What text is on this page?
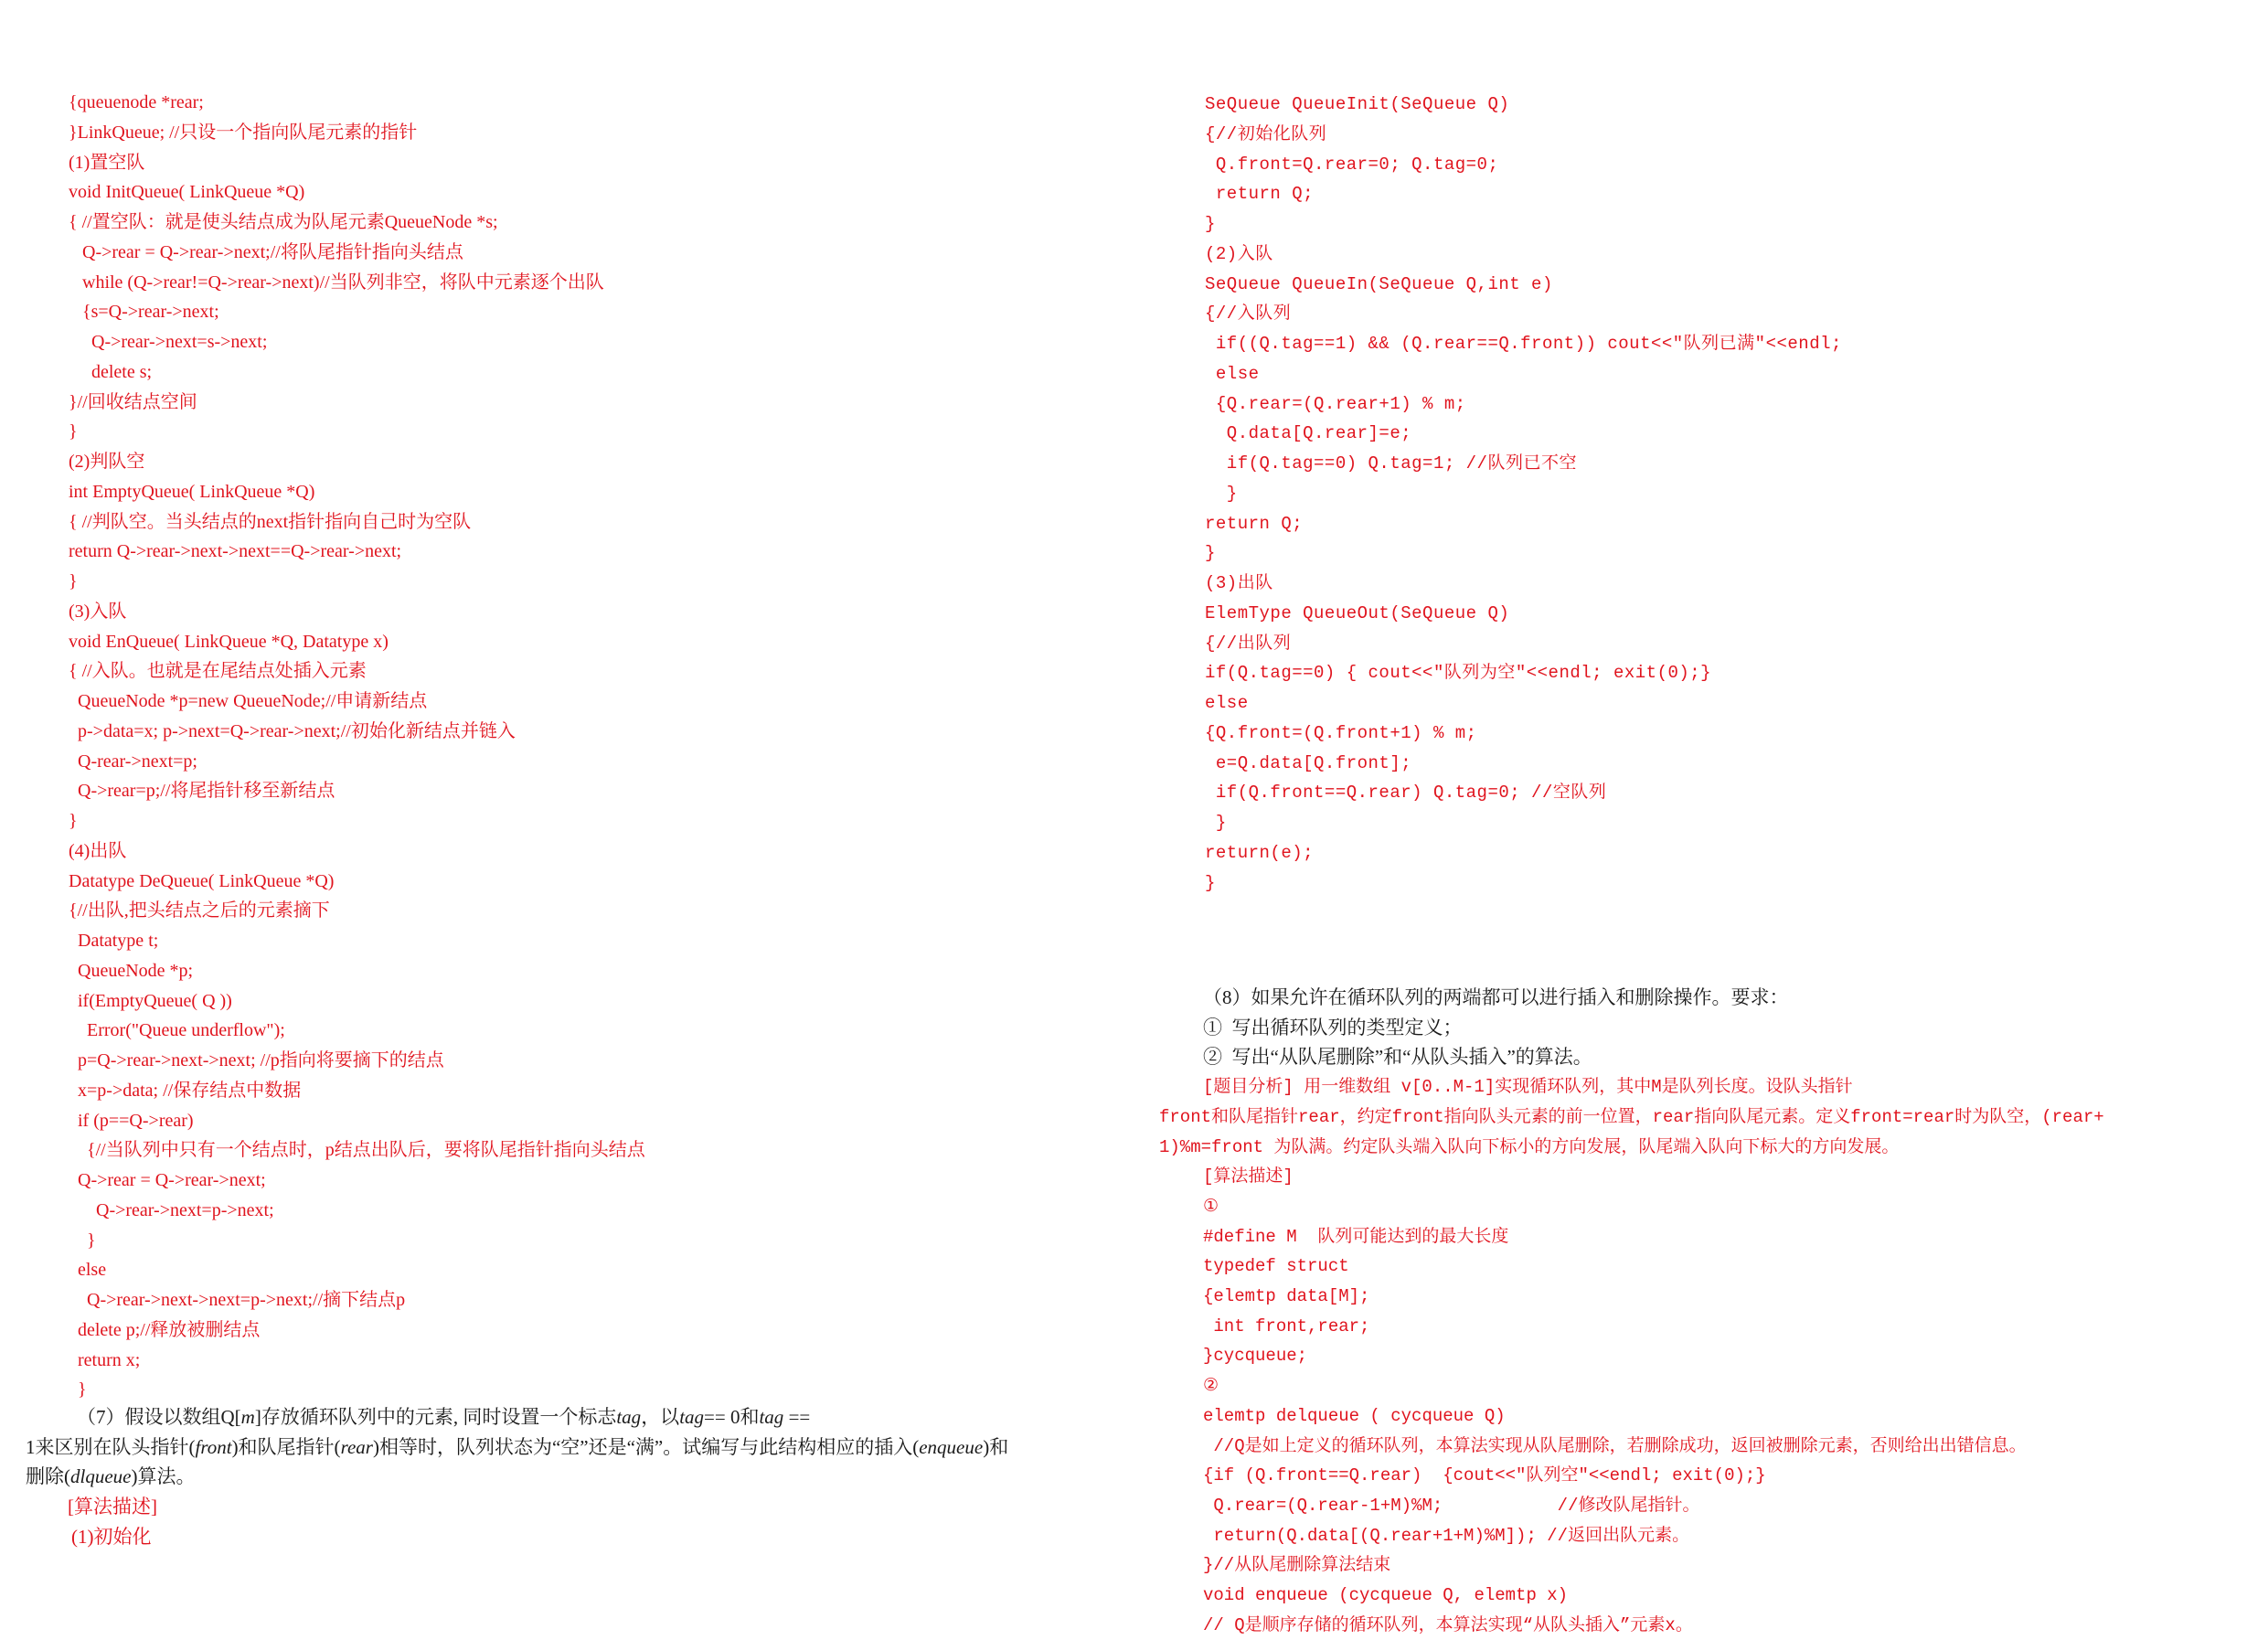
{queuenode *rear;
}LinkQueue; //只设一个指向队尾元素的指针
(1)置空队
void InitQueue( LinkQueue *Q)
{ //置空队：就是使头结点成为队尾元素QueueNode *s;
Q->rear = Q->rear->next;//将队尾指针指向头结点
while (Q->rear!=Q->rear->next)//当队列非空，将队中元素逐个出队
{s=Q->rear->next;
Q->rear->next=s->next;
delete s;
}//回收结点空间
}
(2)判队空
int EmptyQueue( LinkQueue *Q)
{ //判队空。当头结点的next指针指向自己时为空队
return Q->rear->next->next==Q->rear->next;
}
(3)入队
void EnQueue( LinkQueue *Q, Datatype x)
{ //入队。也就是在尾结点处插入元素
QueueNode *p=new QueueNode;//申请新结点
p->data=x; p->next=Q->rear->next;//初始化新结点并链入
Q-rear->next=p;
Q->rear=p;//将尾指针移至新结点
}
(4)出队
Datatype DeQueue( LinkQueue *Q)
{//出队,把头结点之后的元素摘下
Datatype t;
QueueNode *p;
if(EmptyQueue( Q ))
Error("Queue underflow");
p=Q->rear->next->next; //p指向将要摘下的结点
x=p->data; //保存结点中数据
if (p==Q->rear)
{//当队列中只有一个结点时，p结点出队后，要将队尾指针指向头结点
Q->rear = Q->rear->next;
Q->rear->next=p->next;
}
else
Q->rear->next->next=p->next;//摘下结点p
delete p;//释放被删结点
return x;
}
（7）假设以数组Q[m]存放循环队列中的元素, 同时设置一个标志tag，以tag== 0和tag ==
1来区别在队头指针(front)和队尾指针(rear)相等时，队列状态为“空”还是“满”。试编写与此结构相应的插入(enqueue)和
删除(dlqueue)算法。
[算法描述]
(1)初始化
SeQueue QueueInit(SeQueue Q)
{//初始化队列
Q.front=Q.rear=0; Q.tag=0;
return Q;
}
(2)入队
SeQueue QueueIn(SeQueue Q,int e)
{//入队列
if((Q.tag==1) && (Q.rear==Q.front)) cout<<"队列已满"<<endl;
else
{Q.rear=(Q.rear+1) % m;
Q.data[Q.rear]=e;
if(Q.tag==0) Q.tag=1; //队列已不空
}
return Q;
}
(3)出队
ElemType QueueOut(SeQueue Q)
{//出队列
if(Q.tag==0) { cout<<"队列为空"<<endl; exit(0);}
else
{Q.front=(Q.front+1) % m;
e=Q.data[Q.front];
if(Q.front==Q.rear) Q.tag=0; //空队列
}
return(e);
}
（8）如果允许在循环队列的两端都可以进行插入和删除操作。要求：
①  写出循环队列的类型定义；
②  写出“从队尾删除”和“从队头插入”的算法。
[题目分析] 用一维数组 v[0..M-1]实现循环队列，其中M是队列长度。设队头指针
front和队尾指针rear，约定front指向队头元素的前一位置，rear指向队尾元素。定义front=rear时为队空，(rear+
1)%m=front 为队满。约定队头端入队向下标小的方向发展，队尾端入队向下标大的方向发展。
[算法描述]
①
#define M  队列可能达到的最大长度
typedef struct
{elemtp data[M];
int front,rear;
}cycqueue;
②
elemtp delqueue ( cycqueue Q)
//Q是如上定义的循环队列，本算法实现从队尾删除，若删除成功，返回被删除元素，否则给出出错信息。
{if (Q.front==Q.rear)  {cout<<"队列空"<<endl; exit(0);}
Q.rear=(Q.rear-1+M)%M;           //修改队尾指针。
return(Q.data[(Q.rear+1+M)%M]); //返回出队元素。
}//从队尾删除算法结束
void enqueue (cycqueue Q, elemtp x)
// Q是顺序存储的循环队列，本算法实现“从队头插入”元素x。
